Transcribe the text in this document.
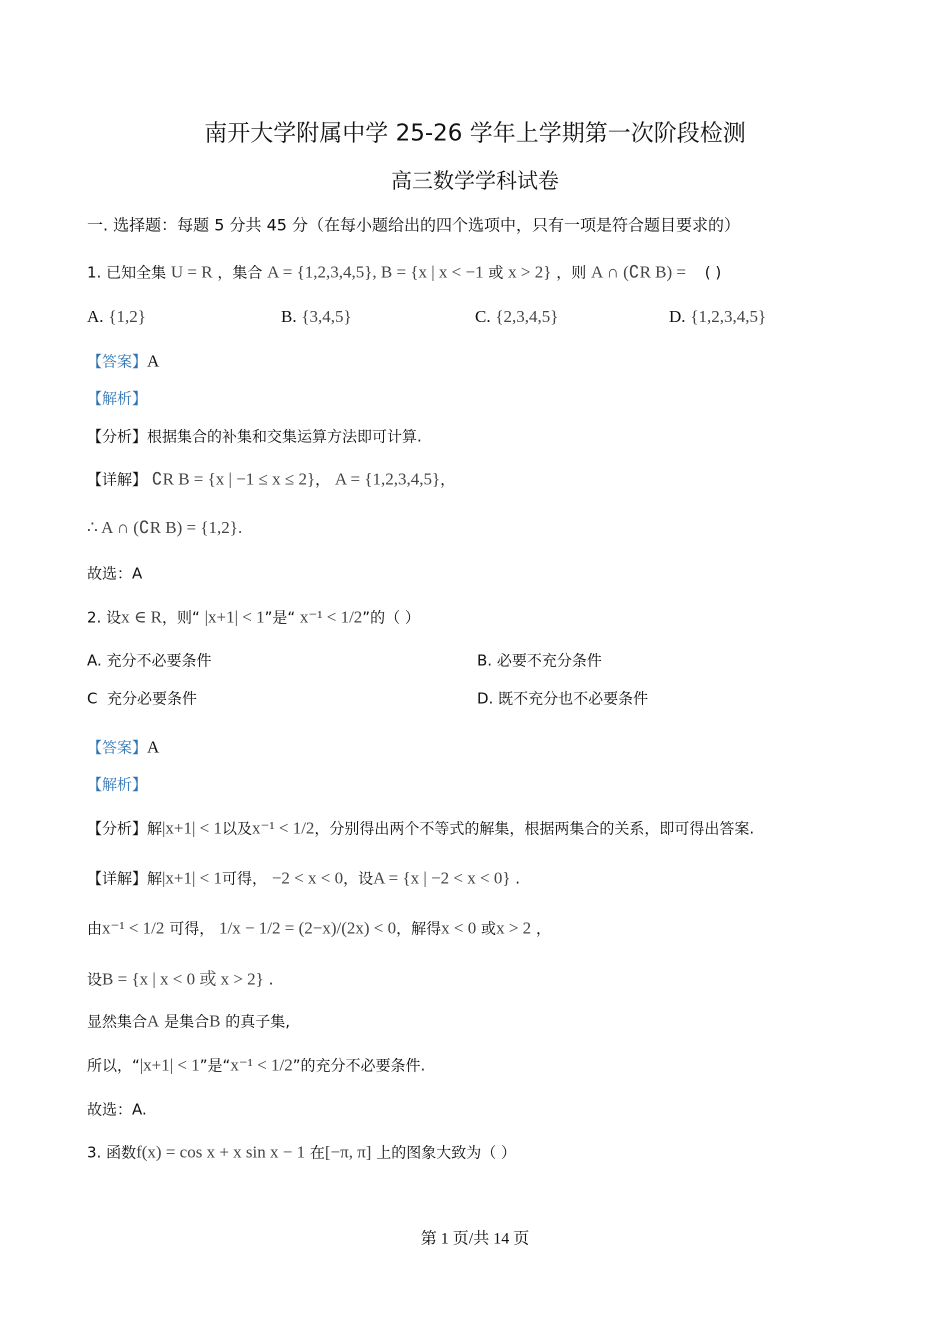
南开大学附属中学 25-26 学年上学期第一次阶段检测
高三数学学科试卷
一. 选择题：每题 5 分共 45 分（在每小题给出的四个选项中，只有一项是符合题目要求的）
1. 已知全集 U = R ，集合 A = {1,2,3,4,5}, B = {x | x < −1 或 x > 2} ，则 A ∩ (∁R B) = ( )
A. {1,2}	B. {3,4,5}	C. {2,3,4,5}	D. {1,2,3,4,5}
【答案】A
【解析】
【分析】根据集合的补集和交集运算方法即可计算.
【详解】 ∁R B = {x | −1 ≤ x ≤ 2}， A = {1,2,3,4,5}，
∴ A ∩ (∁R B) = {1,2}.
故选：A
2. 设x ∈ R，则“ |x+1| < 1”是“ x⁻¹ < 1/2”的（ ）
A. 充分不必要条件	B. 必要不充分条件
C 充分必要条件	D. 既不充分也不必要条件
【答案】A
【解析】
【分析】解|x+1| < 1以及x⁻¹ < 1/2，分别得出两个不等式的解集，根据两集合的关系，即可得出答案.
【详解】解|x+1| < 1可得， −2 < x < 0，设A = {x | −2 < x < 0} .
由x⁻¹ < 1/2 可得， 1/x − 1/2 = (2−x)/(2x) < 0，解得x < 0 或x > 2 ，
设B = {x | x < 0 或 x > 2} .
显然集合A 是集合B 的真子集,
所以，“|x+1| < 1”是“x⁻¹ < 1/2”的充分不必要条件.
故选：A.
3. 函数f(x) = cos x + x sin x − 1 在[−π, π] 上的图象大致为（ ）
第 1 页/共 14 页
